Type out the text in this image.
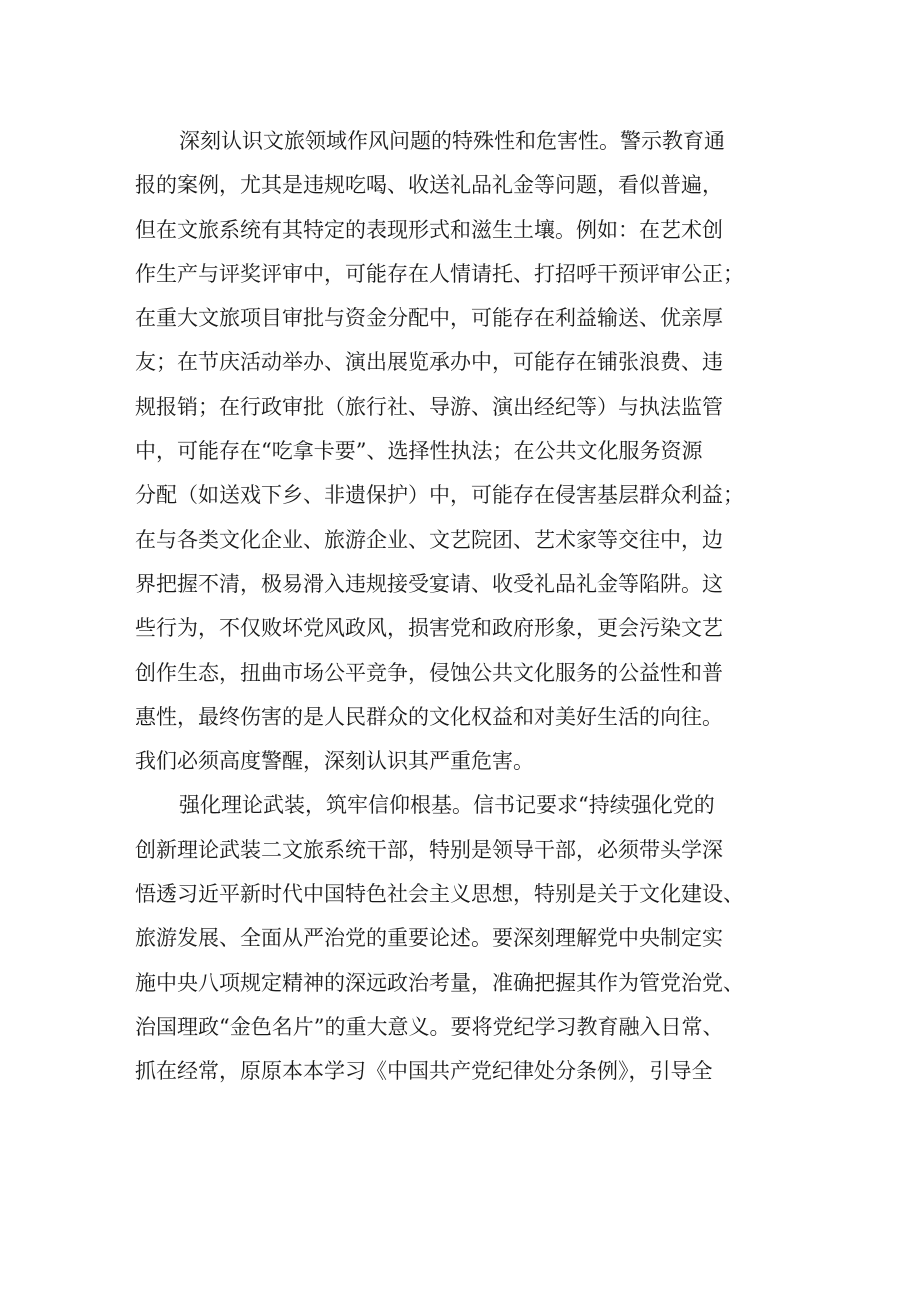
深刻认识文旅领域作风问题的特殊性和危害性。警示教育通
报的案例，尤其是违规吃喝、收送礼品礼金等问题，看似普遍，
但在文旅系统有其特定的表现形式和滋生土壤。例如：在艺术创
作生产与评奖评审中，可能存在人情请托、打招呼干预评审公正；
在重大文旅项目审批与资金分配中，可能存在利益输送、优亲厚
友；在节庆活动举办、演出展览承办中，可能存在铺张浪费、违
规报销；在行政审批（旅行社、导游、演出经纪等）与执法监管
中，可能存在“吃拿卡要”、选择性执法；在公共文化服务资源
分配（如送戏下乡、非遗保护）中，可能存在侵害基层群众利益；
在与各类文化企业、旅游企业、文艺院团、艺术家等交往中，边
界把握不清，极易滑入违规接受宴请、收受礼品礼金等陷阱。这
些行为，不仅败坏党风政风，损害党和政府形象，更会污染文艺
创作生态，扭曲市场公平竞争，侵蚀公共文化服务的公益性和普
惠性，最终伤害的是人民群众的文化权益和对美好生活的向往。
我们必须高度警醒，深刻认识其严重危害。
强化理论武装，筑牢信仰根基。信书记要求“持续强化党的
创新理论武装二文旅系统干部，特别是领导干部，必须带头学深
悟透习近平新时代中国特色社会主义思想，特别是关于文化建设、
旅游发展、全面从严治党的重要论述。要深刻理解党中央制定实
施中央八项规定精神的深远政治考量，准确把握其作为管党治党、
治国理政“金色名片”的重大意义。要将党纪学习教育融入日常、
抓在经常，原原本本学习《中国共产党纪律处分条例》，引导全
